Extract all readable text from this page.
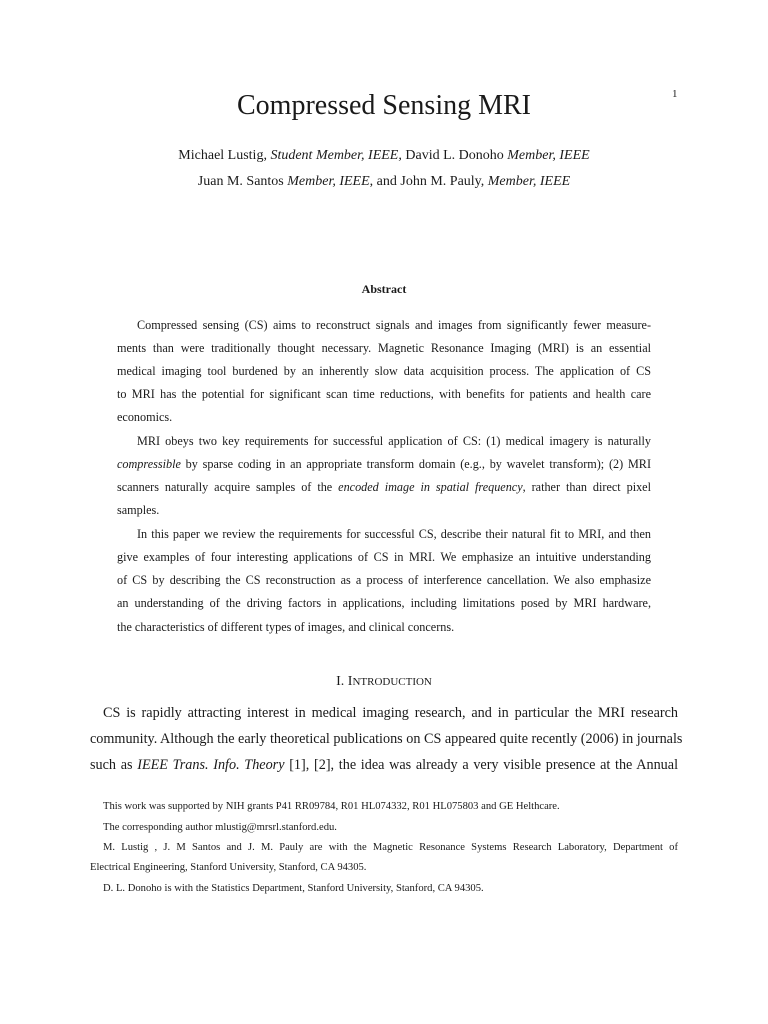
1
Compressed Sensing MRI
Michael Lustig, Student Member, IEEE, David L. Donoho Member, IEEE
Juan M. Santos Member, IEEE, and John M. Pauly, Member, IEEE
Abstract
Compressed sensing (CS) aims to reconstruct signals and images from significantly fewer measure-
ments than were traditionally thought necessary. Magnetic Resonance Imaging (MRI) is an essential
medical imaging tool burdened by an inherently slow data acquisition process. The application of CS
to MRI has the potential for significant scan time reductions, with benefits for patients and health care
economics.
MRI obeys two key requirements for successful application of CS: (1) medical imagery is naturally
compressible by sparse coding in an appropriate transform domain (e.g., by wavelet transform); (2) MRI
scanners naturally acquire samples of the encoded image in spatial frequency, rather than direct pixel
samples.
In this paper we review the requirements for successful CS, describe their natural fit to MRI, and then
give examples of four interesting applications of CS in MRI. We emphasize an intuitive understanding
of CS by describing the CS reconstruction as a process of interference cancellation. We also emphasize
an understanding of the driving factors in applications, including limitations posed by MRI hardware,
the characteristics of different types of images, and clinical concerns.
I. INTRODUCTION
CS is rapidly attracting interest in medical imaging research, and in particular the MRI research
community. Although the early theoretical publications on CS appeared quite recently (2006) in journals
such as IEEE Trans. Info. Theory [1], [2], the idea was already a very visible presence at the Annual
This work was supported by NIH grants P41 RR09784, R01 HL074332, R01 HL075803 and GE Helthcare.
The corresponding author mlustig@mrsrl.stanford.edu.
M. Lustig , J. M Santos and J. M. Pauly are with the Magnetic Resonance Systems Research Laboratory, Department of
Electrical Engineering, Stanford University, Stanford, CA 94305.
D. L. Donoho is with the Statistics Department, Stanford University, Stanford, CA 94305.
